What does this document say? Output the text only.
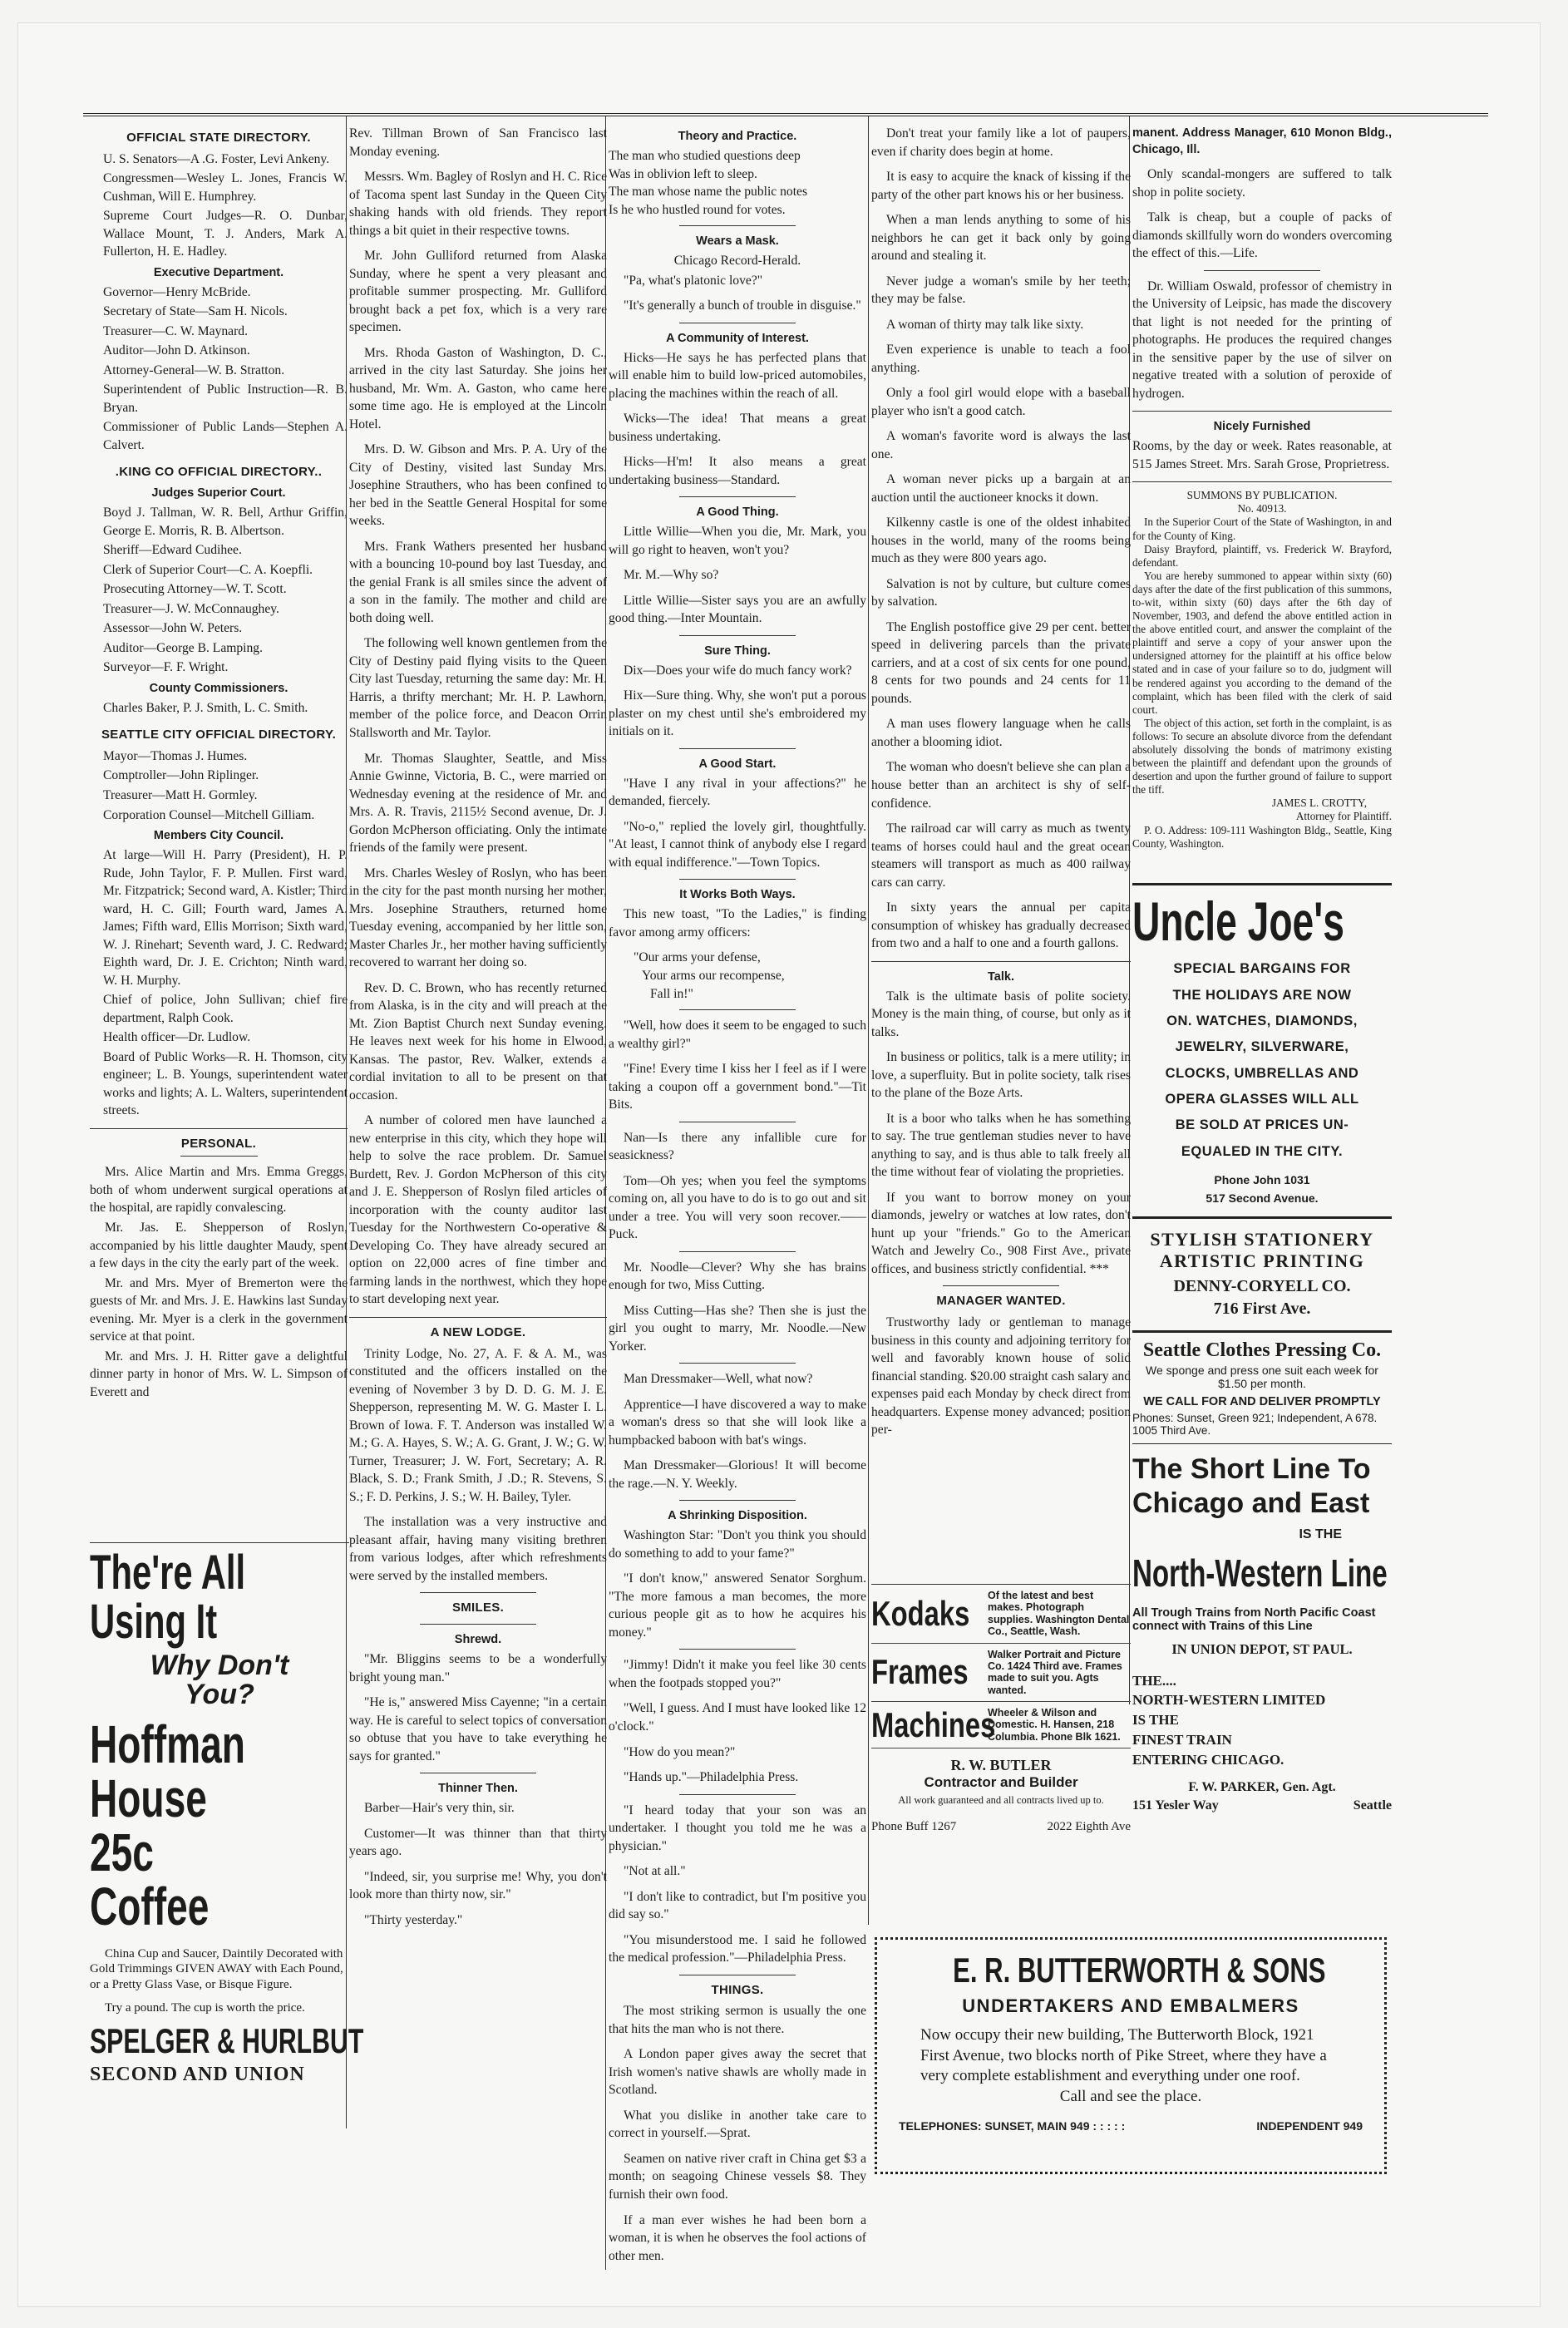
OFFICIAL STATE DIRECTORY.

U. S. Senators—A .G. Foster, Levi Ankeny.

Congressmen—Wesley L. Jones, Francis W. Cushman, Will E. Humphrey.

Supreme Court Judges—R. O. Dunbar, Wallace Mount, T. J. Anders, Mark A. Fullerton, H. E. Hadley.

Executive Department.

Governor—Henry McBride.

Secretary of State—Sam H. Nicols.

Treasurer—C. W. Maynard.

Auditor—John D. Atkinson.

Attorney-General—W. B. Stratton.

Superintendent of Public Instruction—R. B. Bryan.

Commissioner of Public Lands—Stephen A. Calvert.

.KING CO OFFICIAL DIRECTORY..
Judges Superior Court.

Boyd J. Tallman, W. R. Bell, Arthur Griffin, George E. Morris, R. B. Albertson.

Sheriff—Edward Cudihee.

Clerk of Superior Court—C. A. Koepfli.

Prosecuting Attorney—W. T. Scott.

Treasurer—J. W. McConnaughey.

Assessor—John W. Peters.

Auditor—George B. Lamping.

Surveyor—F. F. Wright.

County Commissioners.

Charles Baker, P. J. Smith, L. C. Smith.

SEATTLE CITY OFFICIAL DIRECTORY.

Mayor—Thomas J. Humes.

Comptroller—John Riplinger.

Treasurer—Matt H. Gormley.

Corporation Counsel—Mitchell Gilliam.

Members City Council.

At large—Will H. Parry (President), H. P. Rude, John Taylor, F. P. Mullen. First ward, Mr. Fitzpatrick; Second ward, A. Kistler; Third ward, H. C. Gill; Fourth ward, James A. James; Fifth ward, Ellis Morrison; Sixth ward, W. J. Rinehart; Seventh ward, J. C. Redward; Eighth ward, Dr. J. E. Crichton; Ninth ward, W. H. Murphy.

Chief of police, John Sullivan; chief fire department, Ralph Cook.

Health officer—Dr. Ludlow.

Board of Public Works—R. H. Thomson, city engineer; L. B. Youngs, superintendent water works and lights; A. L. Walters, superintendent streets.

PERSONAL.

Mrs. Alice Martin and Mrs. Emma Greggs, both of whom underwent surgical operations at the hospital, are rapidly convalescing.

Mr. Jas. E. Shepperson of Roslyn, accompanied by his little daughter Maudy, spent a few days in the city the early part of the week.

Mr. and Mrs. Myer of Bremerton were the guests of Mr. and Mrs. J. E. Hawkins last Sunday evening. Mr. Myer is a clerk in the government service at that point.

Mr. and Mrs. J. H. Ritter gave a delightful dinner party in honor of Mrs. W. L. Simpson of Everett and

The're All
Using It
Why Don't
You?
Hoffman
House
25c
Coffee

China Cup and Saucer, Daintily Decorated with Gold Trimmings GIVEN AWAY with Each Pound, or a Pretty Glass Vase, or Bisque Figure.

Try a pound. The cup is worth the price.

SPELGER & HURLBUT
SECOND AND UNION

Rev. Tillman Brown of San Francisco last Monday evening.

Messrs. Wm. Bagley of Roslyn and H. C. Rice of Tacoma spent last Sunday in the Queen City shaking hands with old friends. They report things a bit quiet in their respective towns.

Mr. John Gulliford returned from Alaska Sunday, where he spent a very pleasant and profitable summer prospecting. Mr. Gulliford brought back a pet fox, which is a very rare specimen.

Mrs. Rhoda Gaston of Washington, D. C., arrived in the city last Saturday. She joins her husband, Mr. Wm. A. Gaston, who came here some time ago. He is employed at the Lincoln Hotel.

Mrs. D. W. Gibson and Mrs. P. A. Ury of the City of Destiny, visited last Sunday Mrs. Josephine Strauthers, who has been confined to her bed in the Seattle General Hospital for some weeks.

Mrs. Frank Wathers presented her husband with a bouncing 10-pound boy last Tuesday, and the genial Frank is all smiles since the advent of a son in the family. The mother and child are both doing well.

The following well known gentlemen from the City of Destiny paid flying visits to the Queen City last Tuesday, returning the same day: Mr. H. Harris, a thrifty merchant; Mr. H. P. Lawhorn, member of the police force, and Deacon Orrin Stallsworth and Mr. Taylor.

Mr. Thomas Slaughter, Seattle, and Miss Annie Gwinne, Victoria, B. C., were married on Wednesday evening at the residence of Mr. and Mrs. A. R. Travis, 2115½ Second avenue, Dr. J. Gordon McPherson officiating. Only the intimate friends of the family were present.

Mrs. Charles Wesley of Roslyn, who has been in the city for the past month nursing her mother, Mrs. Josephine Strauthers, returned home Tuesday evening, accompanied by her little son, Master Charles Jr., her mother having sufficiently recovered to warrant her doing so.

Rev. D. C. Brown, who has recently returned from Alaska, is in the city and will preach at the Mt. Zion Baptist Church next Sunday evening. He leaves next week for his home in Elwood, Kansas. The pastor, Rev. Walker, extends a cordial invitation to all to be present on that occasion.

A number of colored men have launched a new enterprise in this city, which they hope will help to solve the race problem. Dr. Samuel Burdett, Rev. J. Gordon McPherson of this city and J. E. Shepperson of Roslyn filed articles of incorporation with the county auditor last Tuesday for the Northwestern Co-operative & Developing Co. They have already secured an option on 22,000 acres of fine timber and farming lands in the northwest, which they hope to start developing next year.

A NEW LODGE.

Trinity Lodge, No. 27, A. F. & A. M., was constituted and the officers installed on the evening of November 3 by D. D. G. M. J. E. Shepperson, representing M. W. G. Master I. L. Brown of Iowa. F. T. Anderson was installed W. M.; G. A. Hayes, S. W.; A. G. Grant, J. W.; G. W. Turner, Treasurer; J. W. Fort, Secretary; A. R. Black, S. D.; Frank Smith, J .D.; R. Stevens, S. S.; F. D. Perkins, J. S.; W. H. Bailey, Tyler.

The installation was a very instructive and pleasant affair, having many visiting brethren from various lodges, after which refreshments were served by the installed members.

SMILES.
Shrewd.

"Mr. Bliggins seems to be a wonderfully bright young man."

"He is," answered Miss Cayenne; "in a certain way. He is careful to select topics of conversation so obtuse that you have to take everything he says for granted."

Thinner Then.

Barber—Hair's very thin, sir.

Customer—It was thinner than that thirty years ago.

"Indeed, sir, you surprise me! Why, you don't look more than thirty now, sir."

"Thirty yesterday."

Theory and Practice.

The man who studied questions deep

Was in oblivion left to sleep.

The man whose name the public notes

Is he who hustled round for votes.

Wears a Mask.

Chicago Record-Herald.

"Pa, what's platonic love?"

"It's generally a bunch of trouble in disguise."

A Community of Interest.

Hicks—He says he has perfected plans that will enable him to build low-priced automobiles, placing the machines within the reach of all.

Wicks—The idea! That means a great business undertaking.

Hicks—H'm! It also means a great undertaking business—Standard.

A Good Thing.

Little Willie—When you die, Mr. Mark, you will go right to heaven, won't you?

Mr. M.—Why so?

Little Willie—Sister says you are an awfully good thing.—Inter Mountain.

Sure Thing.

Dix—Does your wife do much fancy work?

Hix—Sure thing. Why, she won't put a porous plaster on my chest until she's embroidered my initials on it.

A Good Start.

"Have I any rival in your affections?" he demanded, fiercely.

"No-o," replied the lovely girl, thoughtfully. "At least, I cannot think of anybody else I regard with equal indifference."—Town Topics.

It Works Both Ways.

This new toast, "To the Ladies," is finding favor among army officers:

"Our arms your defense,

Your arms our recompense,

Fall in!"

"Well, how does it seem to be engaged to such a wealthy girl?"

"Fine! Every time I kiss her I feel as if I were taking a coupon off a government bond."—Tit Bits.

Nan—Is there any infallible cure for seasickness?

Tom—Oh yes; when you feel the symptoms coming on, all you have to do is to go out and sit under a tree. You will very soon recover.——Puck.

Mr. Noodle—Clever? Why she has brains enough for two, Miss Cutting.

Miss Cutting—Has she? Then she is just the girl you ought to marry, Mr. Noodle.—New Yorker.

Man Dressmaker—Well, what now?

Apprentice—I have discovered a way to make a woman's dress so that she will look like a humpbacked baboon with bat's wings.

Man Dressmaker—Glorious! It will become the rage.—N. Y. Weekly.

A Shrinking Disposition.

Washington Star: "Don't you think you should do something to add to your fame?"

"I don't know," answered Senator Sorghum. "The more famous a man becomes, the more curious people git as to how he acquires his money."

"Jimmy! Didn't it make you feel like 30 cents when the footpads stopped you?"

"Well, I guess. And I must have looked like 12 o'clock."

"How do you mean?"

"Hands up."—Philadelphia Press.

"I heard today that your son was an undertaker. I thought you told me he was a physician."

"Not at all."

"I don't like to contradict, but I'm positive you did say so."

"You misunderstood me. I said he followed the medical profession."—Philadelphia Press.

THINGS.

The most striking sermon is usually the one that hits the man who is not there.

A London paper gives away the secret that Irish women's native shawls are wholly made in Scotland.

What you dislike in another take care to correct in yourself.—Sprat.

Seamen on native river craft in China get $3 a month; on seagoing Chinese vessels $8. They furnish their own food.

If a man ever wishes he had been born a woman, it is when he observes the fool actions of other men.

Don't treat your family like a lot of paupers, even if charity does begin at home.

It is easy to acquire the knack of kissing if the party of the other part knows his or her business.

When a man lends anything to some of his neighbors he can get it back only by going around and stealing it.

Never judge a woman's smile by her teeth; they may be false.

A woman of thirty may talk like sixty.

Even experience is unable to teach a fool anything.

Only a fool girl would elope with a baseball player who isn't a good catch.

A woman's favorite word is always the last one.

A woman never picks up a bargain at an auction until the auctioneer knocks it down.

Kilkenny castle is one of the oldest inhabited houses in the world, many of the rooms being much as they were 800 years ago.

Salvation is not by culture, but culture comes by salvation.

The English postoffice give 29 per cent. better speed in delivering parcels than the private carriers, and at a cost of six cents for one pound, 8 cents for two pounds and 24 cents for 11 pounds.

A man uses flowery language when he calls another a blooming idiot.

The woman who doesn't believe she can plan a house better than an architect is shy of self-confidence.

The railroad car will carry as much as twenty teams of horses could haul and the great ocean steamers will transport as much as 400 railway cars can carry.

In sixty years the annual per capita consumption of whiskey has gradually decreased from two and a half to one and a fourth gallons.

Talk.

Talk is the ultimate basis of polite society. Money is the main thing, of course, but only as it talks.

In business or politics, talk is a mere utility; in love, a superfluity. But in polite society, talk rises to the plane of the Boze Arts.

It is a boor who talks when he has something to say. The true gentleman studies never to have anything to say, and is thus able to talk freely all the time without fear of violating the proprieties.

If you want to borrow money on your diamonds, jewelry or watches at low rates, don't hunt up your "friends." Go to the American Watch and Jewelry Co., 908 First Ave., private offices, and business strictly confidential. ***

MANAGER WANTED.

Trustworthy lady or gentleman to manage business in this county and adjoining territory for well and favorably known house of solid financial standing. $20.00 straight cash salary and expenses paid each Monday by check direct from headquarters. Expense money advanced; position per-

Kodaks Of the latest and best makes. Photograph supplies. Washington Dental Co., Seattle, Wash.
Frames Walker Portrait and Picture Co. 1424 Third ave. Frames made to suit you. Agts wanted.
Machines
Wheeler & Wilson and Domestic. H. Hansen, 218 Columbia. Phone Blk 1621.
R. W. BUTLER
Contractor and Builder
All work guaranteed and all contracts lived up to.
Phone Buff 1267	2022 Eighth Ave

manent. Address Manager, 610 Monon Bldg., Chicago, Ill.

Only scandal-mongers are suffered to talk shop in polite society.

Talk is cheap, but a couple of packs of diamonds skillfully worn do wonders overcoming the effect of this.—Life.

Dr. William Oswald, professor of chemistry in the University of Leipsic, has made the discovery that light is not needed for the printing of photographs. He produces the required changes in the sensitive paper by the use of silver on negative treated with a solution of peroxide of hydrogen.

Nicely Furnished

Rooms, by the day or week. Rates reasonable, at 515 James Street. Mrs. Sarah Grose, Proprietress.

SUMMONS BY PUBLICATION.
No. 40913.

In the Superior Court of the State of Washington, in and for the County of King.

Daisy Brayford, plaintiff, vs. Frederick W. Brayford, defendant.

You are hereby summoned to appear within sixty (60) days after the date of the first publication of this summons, to-wit, within sixty (60) days after the 6th day of November, 1903, and defend the above entitled action in the above entitled court, and answer the complaint of the plaintiff and serve a copy of your answer upon the undersigned attorney for the plaintiff at his office below stated and in case of your failure so to do, judgment will be rendered against you according to the demand of the complaint, which has been filed with the clerk of said court.

The object of this action, set forth in the complaint, is as follows: To secure an absolute divorce from the defendant absolutely dissolving the bonds of matrimony existing between the plaintiff and defendant upon the grounds of desertion and upon the further ground of failure to support the tiff.

JAMES L. CROTTY,
Attorney for Plaintiff.

P. O. Address: 109-111 Washington Bldg., Seattle, King County, Washington.

Uncle Joe's
SPECIAL BARGAINS FOR
THE HOLIDAYS ARE NOW
ON. WATCHES, DIAMONDS,
JEWELRY, SILVERWARE,
CLOCKS, UMBRELLAS AND
OPERA GLASSES WILL ALL
BE SOLD AT PRICES UN-
EQUALED IN THE CITY.
Phone John 1031
517 Second Avenue.
STYLISH STATIONERY
ARTISTIC PRINTING
DENNY-CORYELL CO.
716 First Ave.
Seattle Clothes Pressing Co.
We sponge and press one suit each week for $1.50 per month.
WE CALL FOR AND DELIVER PROMPTLY
Phones: Sunset, Green 921; Independent, A 678. 1005 Third Ave.
The Short Line To Chicago and East
IS THE
North-Western Line
All Trough Trains from North Pacific Coast connect with Trains of this Line
IN UNION DEPOT, ST PAUL.
THE....
NORTH-WESTERN LIMITED
IS THE
FINEST TRAIN
ENTERING CHICAGO.
F. W. PARKER, Gen. Agt.
151 Yesler Way	Seattle
E. R. BUTTERWORTH & SONS
UNDERTAKERS AND EMBALMERS
Now occupy their new building, The Butterworth Block, 1921 First Avenue, two blocks north of Pike Street, where they have a very complete establishment and everything under one roof.
Call and see the place.
TELEPHONES: SUNSET, MAIN 949 : : : : :	INDEPENDENT 949
